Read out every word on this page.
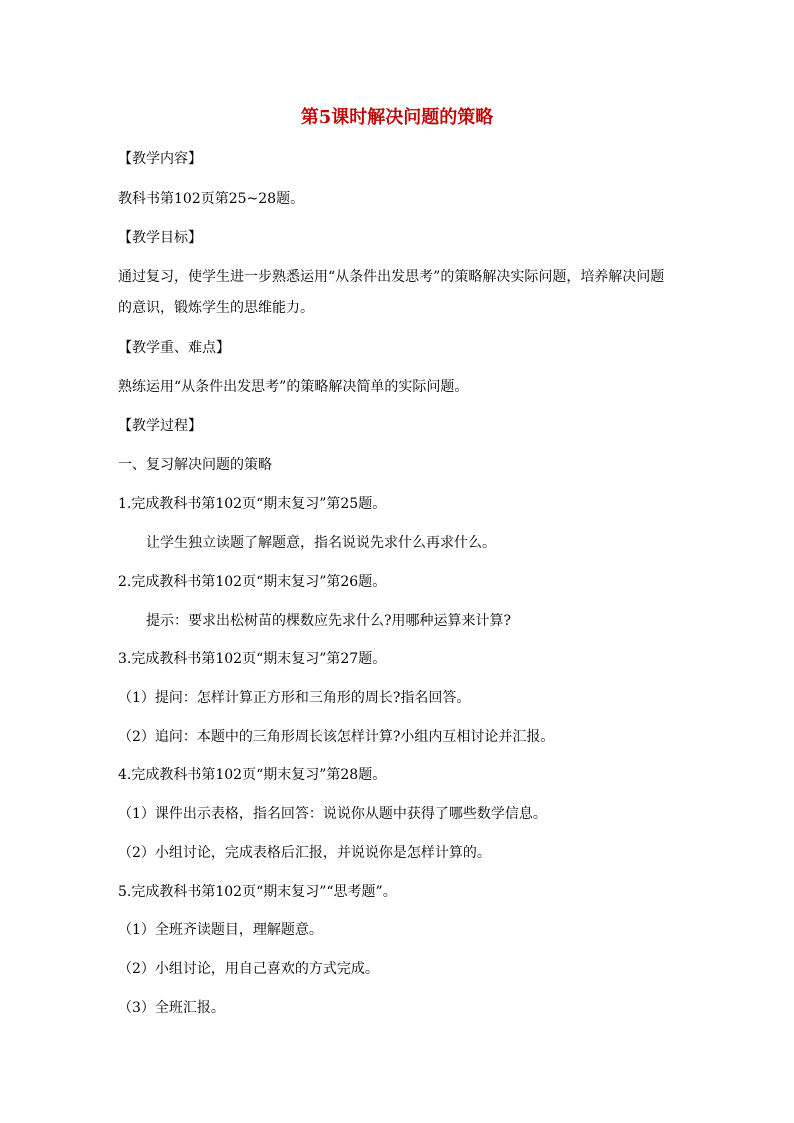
第5课时解决问题的策略
【教学内容】
教科书第102页第25~28题。
【教学目标】
通过复习，使学生进一步熟悉运用“从条件出发思考”的策略解决实际问题，培养解决问题
的意识，锻炼学生的思维能力。
【教学重、难点】
熟练运用“从条件出发思考”的策略解决简单的实际问题。
【教学过程】
一、复习解决问题的策略
1.完成教科书第102页“期末复习”第25题。
让学生独立读题了解题意，指名说说先求什么再求什么。
2.完成教科书第102页“期末复习”第26题。
提示：要求出松树苗的棵数应先求什么?用哪种运算来计算?
3.完成教科书第102页“期末复习”第27题。
（1）提问：怎样计算正方形和三角形的周长?指名回答。
（2）追问：本题中的三角形周长该怎样计算?小组内互相讨论并汇报。
4.完成教科书第102页“期末复习”第28题。
（1）课件出示表格，指名回答：说说你从题中获得了哪些数学信息。
（2）小组讨论，完成表格后汇报，并说说你是怎样计算的。
5.完成教科书第102页“期末复习”“思考题”。
（1）全班齐读题目，理解题意。
（2）小组讨论，用自己喜欢的方式完成。
（3）全班汇报。
